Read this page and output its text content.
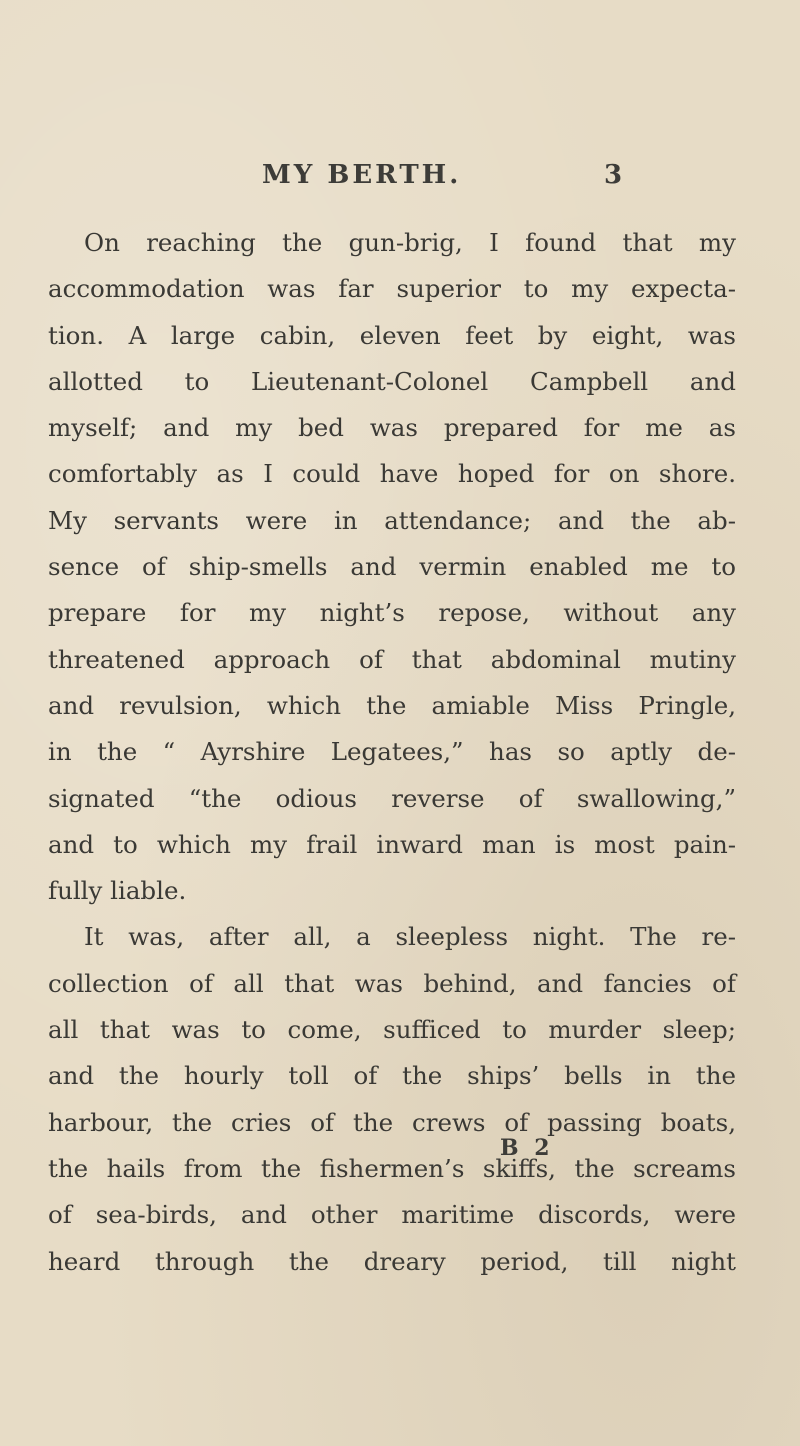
MY BERTH.	3
On reaching the gun-brig, I found that my
accommodation was far superior to my expecta-
tion. A large cabin, eleven feet by eight, was
allotted to Lieutenant-Colonel Campbell and
myself; and my bed was prepared for me as
comfortably as I could have hoped for on shore.
My servants were in attendance; and the ab-
sence of ship-smells and vermin enabled me to
prepare for my night’s repose, without any
threatened approach of that abdominal mutiny
and revulsion, which the amiable Miss Pringle,
in the “ Ayrshire Legatees,” has so aptly de-
signated “the odious reverse of swallowing,”
and to which my frail inward man is most pain-
fully liable.
It was, after all, a sleepless night. The re-
collection of all that was behind, and fancies of
all that was to come, sufficed to murder sleep;
and the hourly toll of the ships’ bells in the
harbour, the cries of the crews of passing boats,
the hails from the fishermen’s skiffs, the screams
of sea-birds, and other maritime discords, were
heard through the dreary period, till night
B 2
